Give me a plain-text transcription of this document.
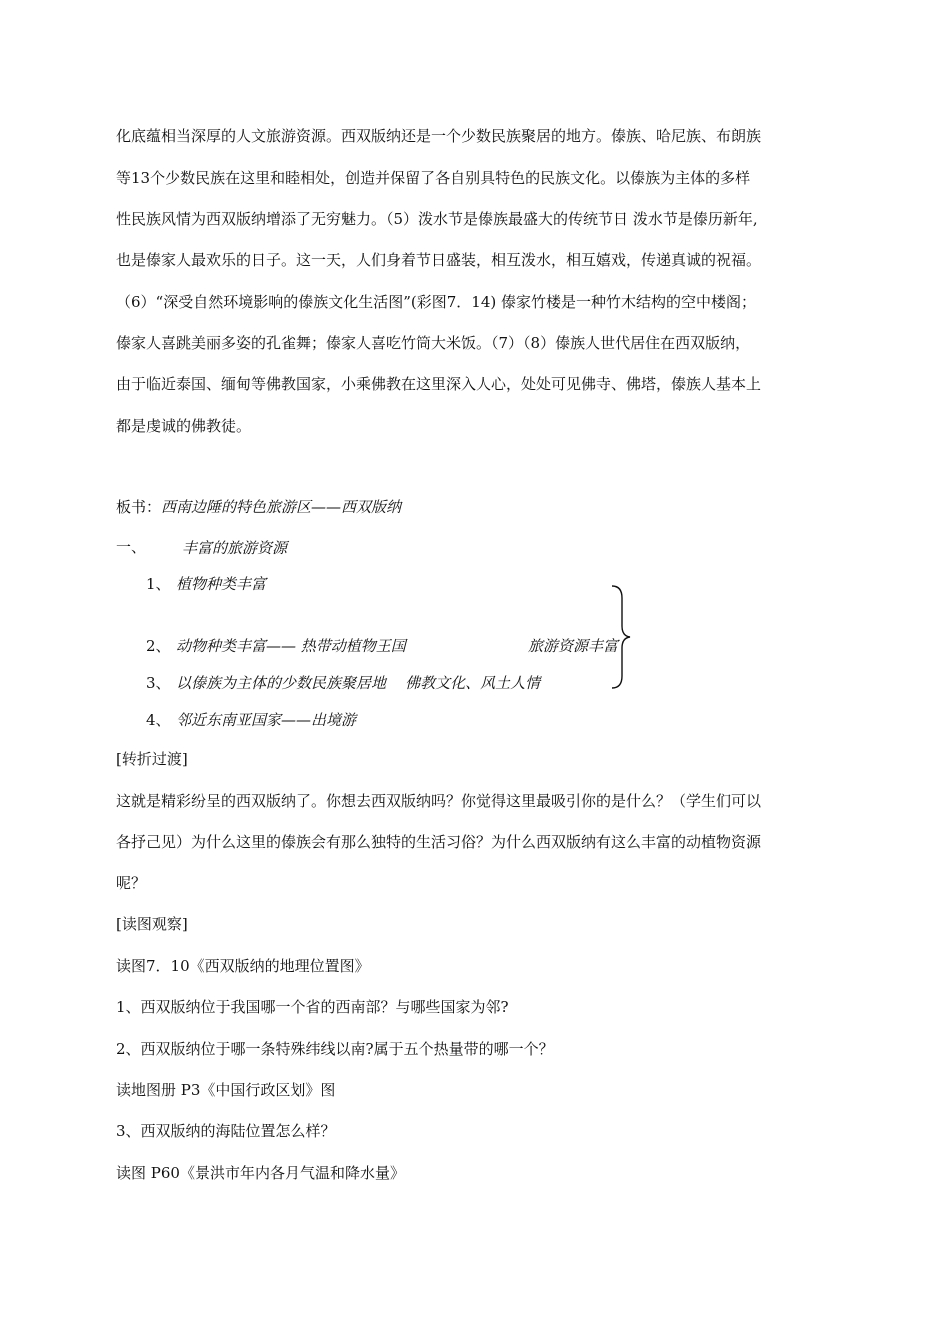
化底蕴相当深厚的人文旅游资源。西双版纳还是一个少数民族聚居的地方。傣族、哈尼族、布朗族
等13个少数民族在这里和睦相处，创造并保留了各自别具特色的民族文化。以傣族为主体的多样
性民族风情为西双版纳增添了无穷魅力。（5）泼水节是傣族最盛大的传统节日 泼水节是傣历新年,
也是傣家人最欢乐的日子。这一天，人们身着节日盛装，相互泼水，相互嬉戏，传递真诚的祝福。
（6）“深受自然环境影响的傣族文化生活图”(彩图7．14) 傣家竹楼是一种竹木结构的空中楼阁；
傣家人喜跳美丽多姿的孔雀舞；傣家人喜吃竹筒大米饭。（7）（8）傣族人世代居住在西双版纳，
由于临近泰国、缅甸等佛教国家，小乘佛教在这里深入人心，处处可见佛寺、佛塔，傣族人基本上
都是虔诚的佛教徒。
板书：西南边陲的特色旅游区——西双版纳
一、 丰富的旅游资源
1、 植物种类丰富
2、 动物种类丰富—— 热带动植物王国	旅游资源丰富
3、 以傣族为主体的少数民族聚居地    佛教文化、风土人情
4、 邻近东南亚国家——出境游
[转折过渡]
这就是精彩纷呈的西双版纳了。你想去西双版纳吗？你觉得这里最吸引你的是什么？（学生们可以
各抒己见）为什么这里的傣族会有那么独特的生活习俗？为什么西双版纳有这么丰富的动植物资源
呢？
[读图观察]
读图7．10《西双版纳的地理位置图》
1、西双版纳位于我国哪一个省的西南部？与哪些国家为邻?
2、西双版纳位于哪一条特殊纬线以南?属于五个热量带的哪一个？
读地图册 P3《中国行政区划》图
3、西双版纳的海陆位置怎么样？
读图 P60《景洪市年内各月气温和降水量》
